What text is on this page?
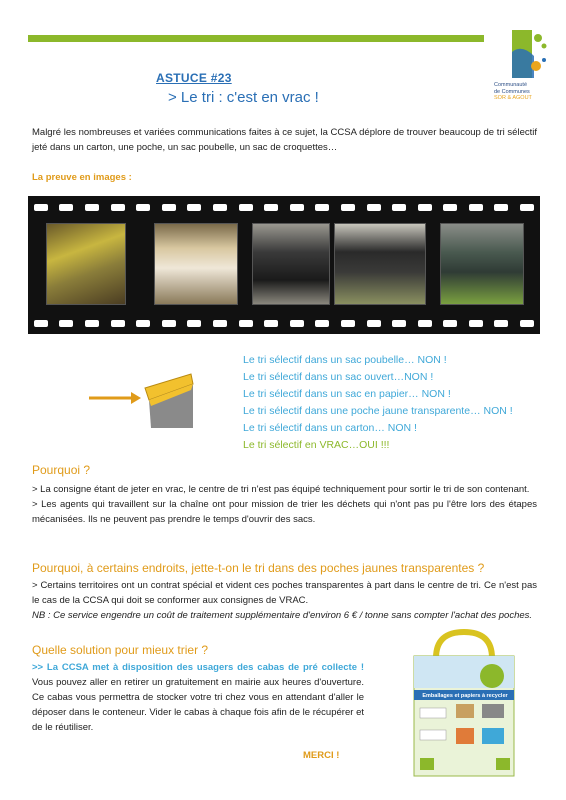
Communauté
de Communes
SOR & AGOUT
ASTUCE #23
> Le tri : c'est en vrac !
Malgré les nombreuses et variées communications faites à ce sujet, la CCSA déplore de trouver beaucoup de tri sélectif jeté dans un carton, une poche, un sac poubelle, un sac de croquettes…
La preuve en images :
Le tri sélectif dans un sac poubelle… NON !
Le tri sélectif dans un sac ouvert…NON !
Le tri sélectif dans un sac en papier… NON !
Le tri sélectif dans une poche jaune transparente… NON !
Le tri sélectif dans un carton… NON !
Le tri sélectif en VRAC…OUI !!!
Pourquoi ?
> La consigne étant de jeter en vrac, le centre de tri n'est pas équipé techniquement pour sortir le tri de son contenant.
> Les agents qui travaillent sur la chaîne ont pour mission de trier les déchets qui n'ont pas pu l'être lors des étapes mécanisées. Ils ne peuvent pas prendre le temps d'ouvrir des sacs.
Pourquoi, à certains endroits, jette-t-on le tri dans des poches jaunes transparentes ?
> Certains territoires ont un contrat spécial et vident ces poches transparentes à part dans le centre de tri. Ce n'est pas le cas de la CCSA qui doit se conformer aux consignes de VRAC.
NB : Ce service engendre un coût de traitement supplémentaire d'environ 6 € / tonne sans compter l'achat des poches.
Quelle solution pour mieux trier ?
>> La CCSA met à disposition des usagers des cabas de pré collecte ! Vous pouvez aller en retirer un gratuitement en mairie aux heures d'ouverture. Ce cabas vous permettra de stocker votre tri chez vous en attendant d'aller le déposer dans le conteneur. Vider le cabas à chaque fois afin de le récupérer et de le réutiliser.
MERCI !
Emballages et papiers à recycler
